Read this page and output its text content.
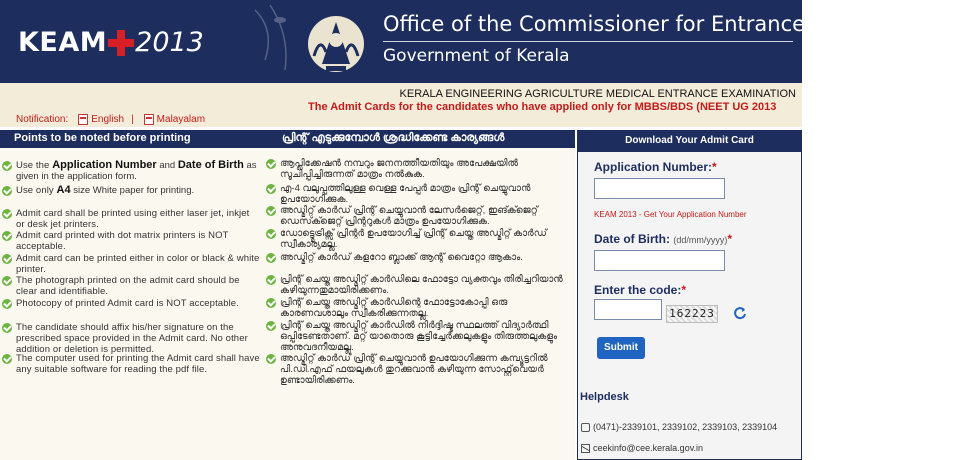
KEAM 2013
Office of the Commissioner for Entrance Examinations
Government of Kerala
KERALA ENGINEERING AGRICULTURE MEDICAL ENTRANCE EXAMINATION
The Admit Cards for the candidates who have applied only for MBBS/BDS (NEET UG 2013
Notification: English | Malayalam
Points to be noted before printing	പ്രിന്റ് എടുക്കുമ്പോൾ ശ്രദ്ധിക്കേണ്ട കാര്യങ്ങൾ
Use the Application Number and Date of Birth as given in the application form.
Use only A4 size White paper for printing.
Admit card shall be printed using either laser jet, inkjet or desk jet printers.
Admit card printed with dot matrix printers is NOT acceptable.
Admit card can be printed either in color or black & white printer.
The photograph printed on the admit card should be clear and identifiable.
Photocopy of printed Admit card is NOT acceptable.
The candidate should affix his/her signature on the prescribed space provided in the Admit card. No other addition or deletion is permitted.
The computer used for printing the Admit card shall have any suitable software for reading the pdf file.
ആപ്ലിക്കേഷൻ നമ്പറും ജനനത്തീയതിയും അപേക്ഷയിൽ സൂചിപ്പിച്ചിരുന്നത് മാത്രം നൽകുക.
എ-4 വലുപ്പത്തിലുള്ള വെള്ള പേപ്പർ മാത്രം പ്രിന്റ് ചെയ്യുവാൻ ഉപയോഗിക്കുക.
അഡ്മിറ്റ് കാർഡ് പ്രിന്റ് ചെയ്യുവാൻ ലേസർജെറ്റ്, ഇങ്ക്ജെറ്റ് ഡെസ്ക്ജെറ്റ് പ്രിന്ററുകൾ മാത്രം ഉപയോഗിക്കുക.
ഡോട്ട്മെട്രിക്സ് പ്രിന്റർ ഉപയോഗിച്ച് പ്രിന്റ് ചെയ്ത അഡ്മിറ്റ് കാർഡ് സ്വീകാര്യമല്ല.
അഡ്മിറ്റ് കാർഡ് കളറോ ബ്ലാക്ക് ആന്റ് വൈറ്റോ ആകാം.
പ്രിന്റ് ചെയ്ത അഡ്മിറ്റ് കാർഡിലെ ഫോട്ടോ വ്യക്തവും തിരിച്ചറിയാൻ കഴിയുന്നതുമായിരിക്കണം.
പ്രിന്റ് ചെയ്ത അഡ്മിറ്റ് കാർഡിന്റെ ഫോട്ടോകോപ്പി ഒരു കാരണവശാലും സ്വീകരിക്കുന്നതല്ല.
പ്രിന്റ് ചെയ്ത അഡ്മിറ്റ് കാർഡിൽ നിർദ്ദിഷ്ട സ്ഥലത്ത് വിദ്യാർത്ഥി ഒപ്പിടേണ്ടതാണ്. മറ്റ് യാതൊരു കൂട്ടിച്ചേർക്കലുകളും തിരുത്തലുകളും അനുവദനീയമല്ല.
അഡ്മിറ്റ് കാർഡ് പ്രിന്റ് ചെയ്യുവാൻ ഉപയോഗിക്കുന്ന കമ്പ്യൂട്ടറിൽ പി.ഡി.എഫ് ഫയലുകൾ തുറക്കുവാൻ കഴിയുന്ന സോഫ്റ്റ്‌വെയർ ഉണ്ടായിരിക്കണം.
Download Your Admit Card
Application Number:*
KEAM 2013 - Get Your Application Number
Date of Birth: (dd/mm/yyyy)*
Enter the code:*
162223
Submit
Helpdesk
(0471)-2339101, 2339102, 2339103, 2339104
ceekinfo@cee.kerala.gov.in
